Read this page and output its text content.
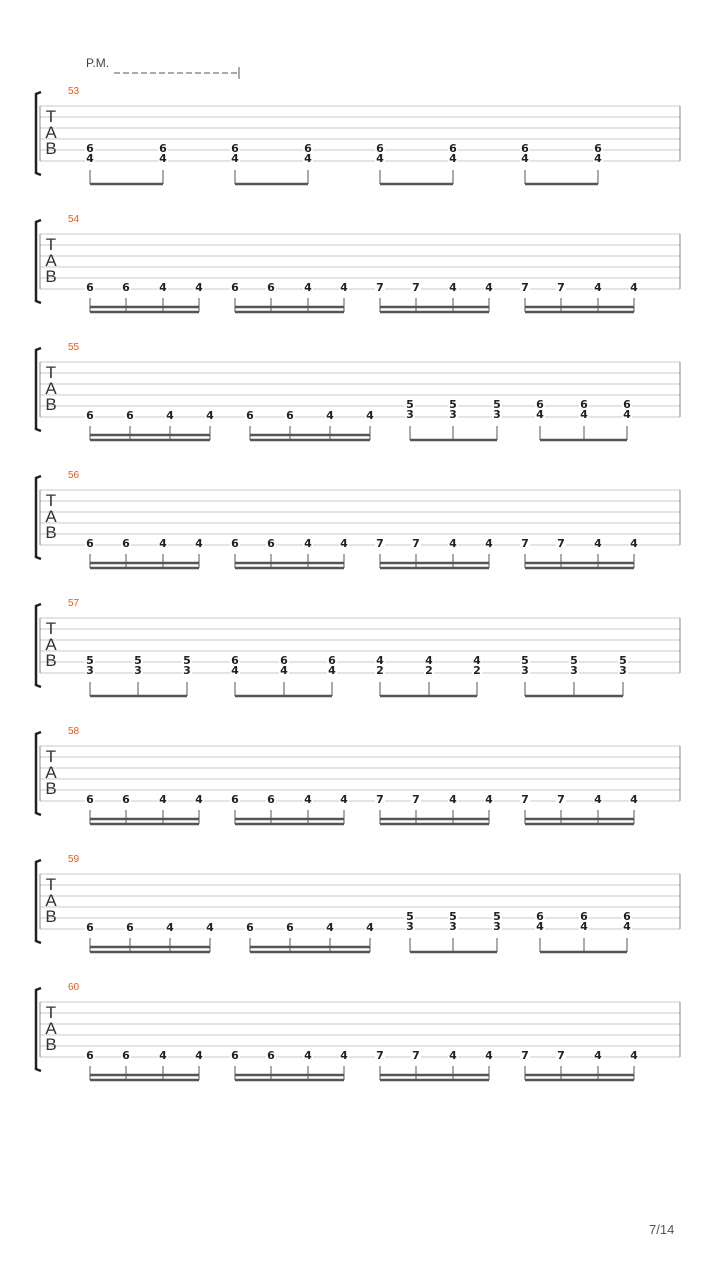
P.M.
53
T
A
B	6
4
6
4
6
4
6
4
6
4
6
4
6
4
6
4
54
T
A
B
6	6	4	4	6	6	4	4	7	7	4	4	7	7	4	4
55
T
A
B
6	6	4	4	6	6	4	4
5
3
5
3
5
3
6
4
6
4
6
4
56
T
A
B
6	6	4	4	6	6	4	4	7	7	4	4	7	7	4	4
57
T
A
B	5
3
5
3
5
3
6
4
6
4
6
4
4
2
4
2
4
2
5
3
5
3
5
3
58
T
A
B
6	6	4	4	6	6	4	4	7	7	4	4	7	7	4	4
59
T
A
B
6	6	4	4	6	6	4	4
5
3
5
3
5
3
6
4
6
4
6
4
60
T
A
B
6	6	4	4	6	6	4	4	7	7	4	4	7	7	4	4
7/14
